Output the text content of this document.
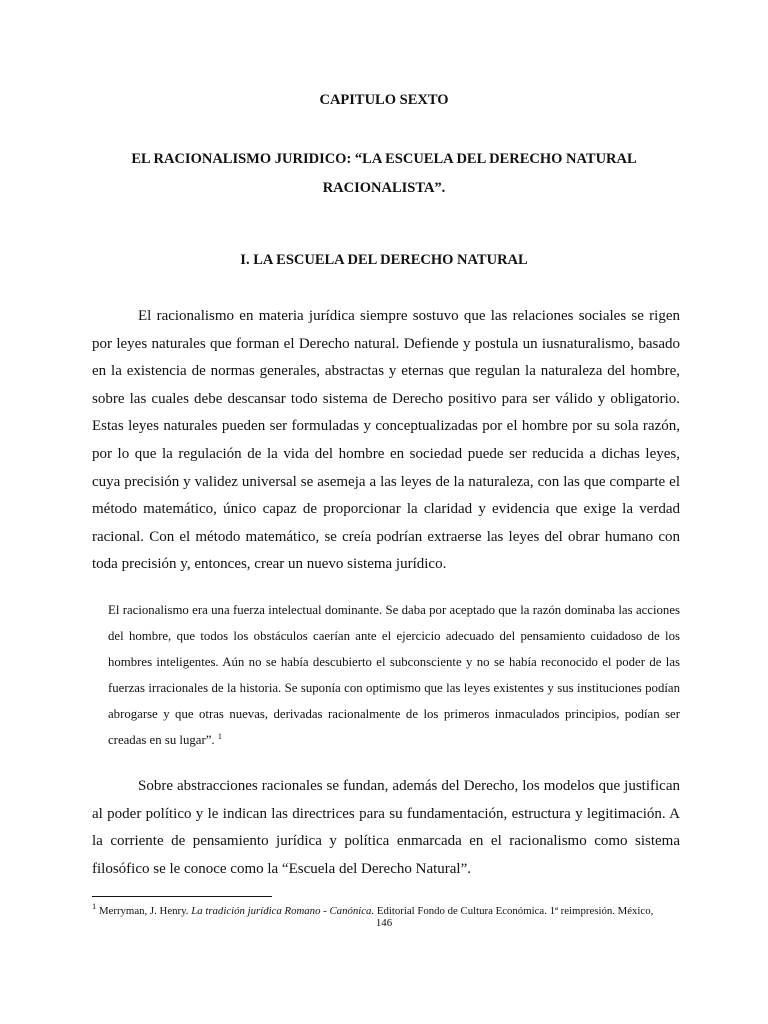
CAPITULO SEXTO
EL RACIONALISMO JURIDICO: “LA ESCUELA DEL DERECHO NATURAL
RACIONALISTA”.
I. LA ESCUELA DEL DERECHO NATURAL

El racionalismo en materia jurídica siempre sostuvo que las relaciones sociales se rigen por leyes naturales que forman el Derecho natural. Defiende y postula un iusnaturalismo, basado en la existencia de normas generales, abstractas y eternas que regulan la naturaleza del hombre, sobre las cuales debe descansar todo sistema de Derecho positivo para ser válido y obligatorio. Estas leyes naturales pueden ser formuladas y conceptualizadas por el hombre por su sola razón, por lo que la regulación de la vida del hombre en sociedad puede ser reducida a dichas leyes, cuya precisión y validez universal se asemeja a las leyes de la naturaleza, con las que comparte el método matemático, único capaz de proporcionar la claridad y evidencia que exige la verdad racional. Con el método matemático, se creía podrían extraerse las leyes del obrar humano con toda precisión y, entonces, crear un nuevo sistema jurídico.

El racionalismo era una fuerza intelectual dominante. Se daba por aceptado que la razón dominaba las acciones del hombre, que todos los obstáculos caerían ante el ejercicio adecuado del pensamiento cuidadoso de los hombres inteligentes. Aún no se había descubierto el subconsciente y no se había reconocido el poder de las fuerzas irracionales de la historia. Se suponía con optimismo que las leyes existentes y sus instituciones podían abrogarse y que otras nuevas, derivadas racionalmente de los primeros inmaculados principios, podían ser creadas en su lugar”. $^1$

Sobre abstracciones racionales se fundan, además del Derecho, los modelos que justifican al poder político y le indican las directrices para su fundamentación, estructura y legitimación. A la corriente de pensamiento jurídica y política enmarcada en el racionalismo como sistema filosófico se le conoce como la “Escuela del Derecho Natural”.

$^1$ Merryman, J. Henry. La tradición jurídica Romano - Canónica. Editorial Fondo de Cultura Económica. 1ª reimpresión. México,

146
